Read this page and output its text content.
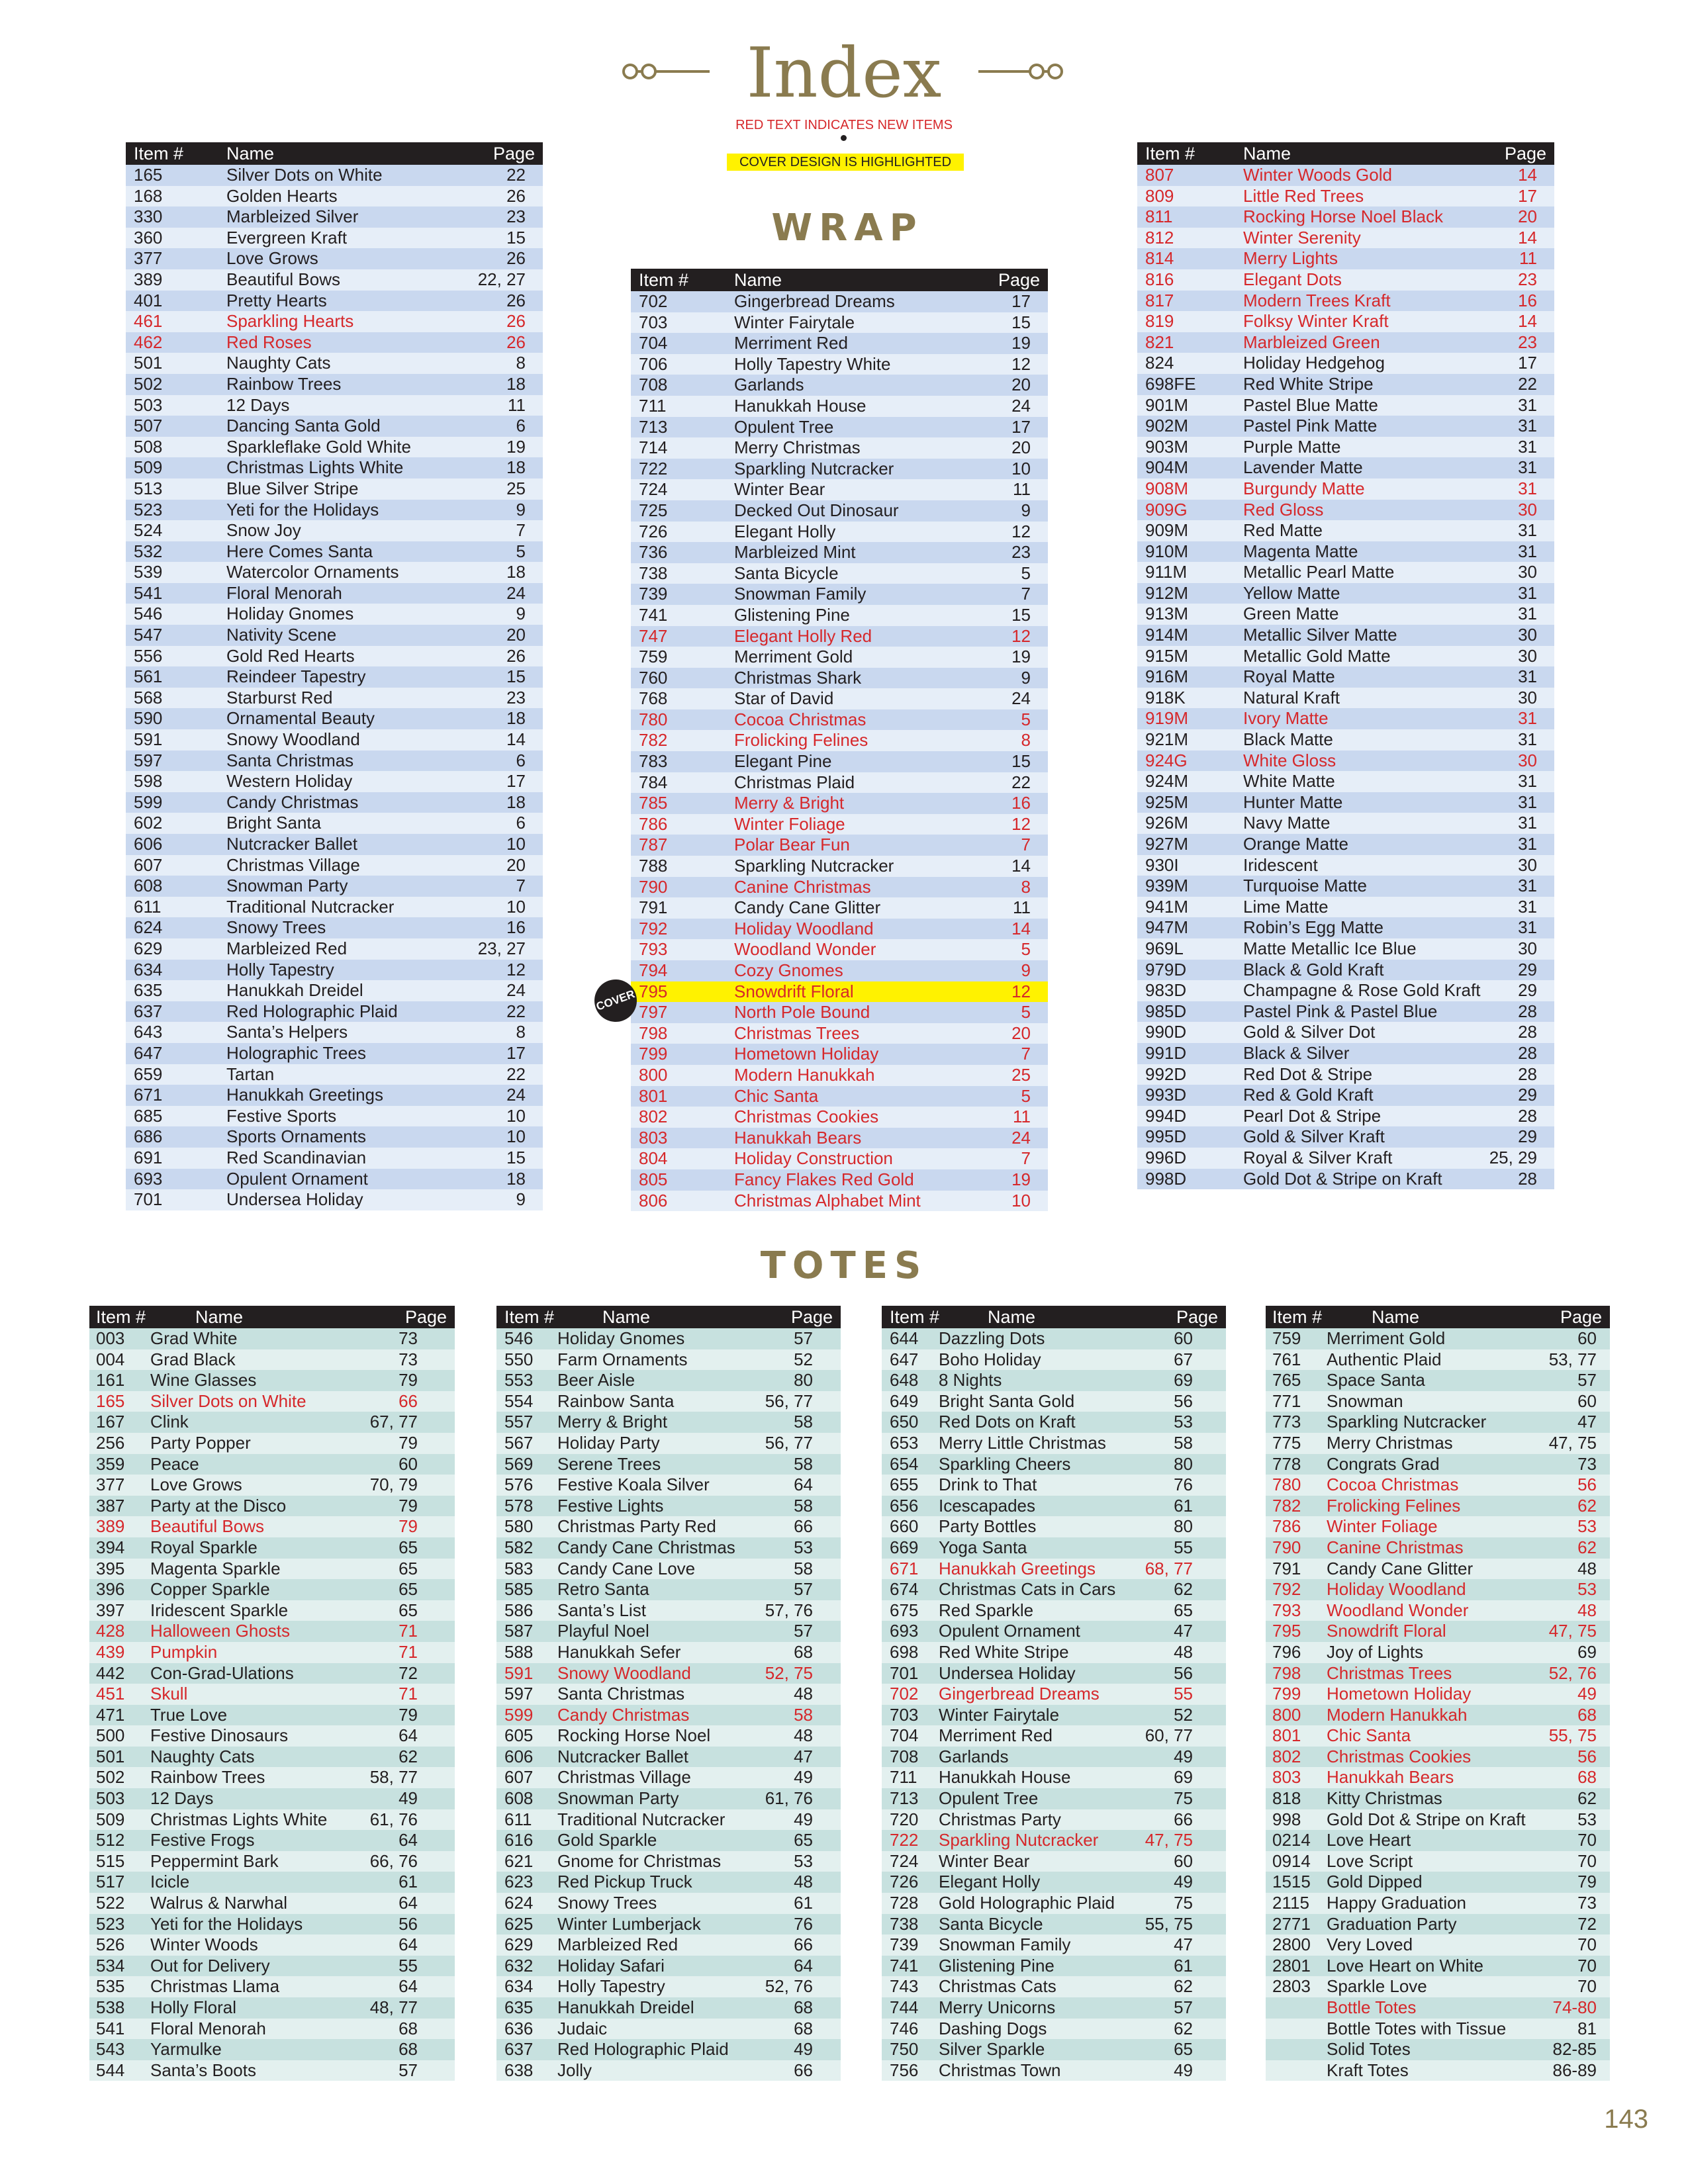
Index
RED TEXT INDICATES NEW ITEMS
COVER DESIGN IS HIGHLIGHTED
WRAP
TOTES
Item # Name	Page
165	Silver Dots on White	22
168	Golden Hearts	26
330	Marbleized Silver	23
360	Evergreen Kraft	15
377	Love Grows	26
389	Beautiful Bows	22, 27
401	Pretty Hearts	26
461	Sparkling Hearts	26
462	Red Roses	26
501	Naughty Cats	8
502	Rainbow Trees	18
503	12 Days	11
507	Dancing Santa Gold	6
508	Sparkleflake Gold White	19
509	Christmas Lights White	18
513	Blue Silver Stripe	25
523	Yeti for the Holidays	9
524	Snow Joy	7
532	Here Comes Santa	5
539	Watercolor Ornaments	18
541	Floral Menorah	24
546	Holiday Gnomes	9
547	Nativity Scene	20
556	Gold Red Hearts	26
561	Reindeer Tapestry	15
568	Starburst Red	23
590	Ornamental Beauty	18
591	Snowy Woodland	14
597	Santa Christmas	6
598	Western Holiday	17
599	Candy Christmas	18
602	Bright Santa	6
606	Nutcracker Ballet	10
607	Christmas Village	20
608	Snowman Party	7
611	Traditional Nutcracker	10
624	Snowy Trees	16
629	Marbleized Red	23, 27
634	Holly Tapestry	12
635	Hanukkah Dreidel	24
637	Red Holographic Plaid	22
643	Santa’s Helpers	8
647	Holographic Trees	17
659	Tartan	22
671	Hanukkah Greetings	24
685	Festive Sports	10
686	Sports Ornaments	10
691	Red Scandinavian	15
693	Opulent Ornament	18
701	Undersea Holiday	9
Item #	Name	Page
702	Gingerbread Dreams	17
703	Winter Fairytale	15
704	Merriment Red	19
706	Holly Tapestry White	12
708	Garlands	20
711	Hanukkah House	24
713	Opulent Tree	17
714	Merry Christmas	20
722	Sparkling Nutcracker	10
724	Winter Bear	11
725	Decked Out Dinosaur	9
726	Elegant Holly	12
736	Marbleized Mint	23
738	Santa Bicycle	5
739	Snowman Family	7
741	Glistening Pine	15
747	Elegant Holly Red	12
759	Merriment Gold	19
760	Christmas Shark	9
768	Star of David	24
780	Cocoa Christmas	5
782	Frolicking Felines	8
783	Elegant Pine	15
784	Christmas Plaid	22
785	Merry & Bright	16
786	Winter Foliage	12
787	Polar Bear Fun	7
788	Sparkling Nutcracker	14
790	Canine Christmas	8
791	Candy Cane Glitter	11
792	Holiday Woodland	14
793	Woodland Wonder	5
794	Cozy Gnomes	9
795	Snowdrift Floral	12
797	North Pole Bound	5
798	Christmas Trees	20
799	Hometown Holiday	7
800	Modern Hanukkah	25
801	Chic Santa	5
802	Christmas Cookies	11
803	Hanukkah Bears	24
804	Holiday Construction	7
805	Fancy Flakes Red Gold	19
806	Christmas Alphabet Mint	10
Item #	Name	Page
807	Winter Woods Gold	14
809	Little Red Trees	17
811	Rocking Horse Noel Black	20
812	Winter Serenity	14
814	Merry Lights	11
816	Elegant Dots	23
817	Modern Trees Kraft	16
819	Folksy Winter Kraft	14
821	Marbleized Green	23
824	Holiday Hedgehog	17
698FE	Red White Stripe	22
901M	Pastel Blue Matte	31
902M	Pastel Pink Matte	31
903M	Purple Matte	31
904M	Lavender Matte	31
908M	Burgundy Matte	31
909G	Red Gloss	30
909M	Red Matte	31
910M	Magenta Matte	31
911M	Metallic Pearl Matte	30
912M	Yellow Matte	31
913M	Green Matte	31
914M	Metallic Silver Matte	30
915M	Metallic Gold Matte	30
916M	Royal Matte	31
918K	Natural Kraft	30
919M	Ivory Matte	31
921M	Black Matte	31
924G	White Gloss	30
924M	White Matte	31
925M	Hunter Matte	31
926M	Navy Matte	31
927M	Orange Matte	31
930I	Iridescent	30
939M	Turquoise Matte	31
941M	Lime Matte	31
947M	Robin’s Egg Matte	31
969L	Matte Metallic Ice Blue	30
979D	Black & Gold Kraft	29
983D	Champagne & Rose Gold Kraft 29
985D	Pastel Pink & Pastel Blue	28
990D	Gold & Silver Dot	28
991D	Black & Silver	28
992D	Red Dot & Stripe	28
993D	Red & Gold Kraft	29
994D	Pearl Dot & Stripe	28
995D	Gold & Silver Kraft	29
996D	Royal & Silver Kraft	25, 29
998D	Gold Dot & Stripe on Kraft	28
Item #	Name	Page
003 Grad White	73
004 Grad Black	73
161 Wine Glasses	79
165 Silver Dots on White	66
167 Clink	67, 77
256 Party Popper	79
359 Peace	60
377 Love Grows	70, 79
387 Party at the Disco	79
389 Beautiful Bows	79
394 Royal Sparkle	65
395 Magenta Sparkle	65
396 Copper Sparkle	65
397 Iridescent Sparkle	65
428 Halloween Ghosts	71
439 Pumpkin	71
442 Con-Grad-Ulations	72
451 Skull	71
471 True Love	79
500 Festive Dinosaurs	64
501 Naughty Cats	62
502 Rainbow Trees	58, 77
503 12 Days	49
509 Christmas Lights White 61, 76
512 Festive Frogs	64
515 Peppermint Bark	66, 76
517 Icicle	61
522 Walrus & Narwhal	64
523 Yeti for the Holidays	56
526 Winter Woods	64
534 Out for Delivery	55
535 Christmas Llama	64
538 Holly Floral	48, 77
541 Floral Menorah	68
543 Yarmulke	68
544 Santa’s Boots	57
Item #	Name	Page
546 Holiday Gnomes	57
550 Farm Ornaments	52
553 Beer Aisle	80
554 Rainbow Santa	56, 77
557 Merry & Bright	58
567 Holiday Party	56, 77
569 Serene Trees	58
576 Festive Koala Silver	64
578 Festive Lights	58
580 Christmas Party Red	66
582 Candy Cane Christmas	53
583 Candy Cane Love	58
585 Retro Santa	57
586 Santa’s List	57, 76
587 Playful Noel	57
588 Hanukkah Sefer	68
591 Snowy Woodland	52, 75
597 Santa Christmas	48
599 Candy Christmas	58
605 Rocking Horse Noel	48
606 Nutcracker Ballet	47
607 Christmas Village	49
608 Snowman Party	61, 76
611 Traditional Nutcracker	49
616 Gold Sparkle	65
621 Gnome for Christmas	53
623 Red Pickup Truck	48
624 Snowy Trees	61
625 Winter Lumberjack	76
629 Marbleized Red	66
632 Holiday Safari	64
634 Holly Tapestry	52, 76
635 Hanukkah Dreidel	68
636 Judaic	68
637 Red Holographic Plaid	49
638 Jolly	66
Item #	Name	Page
644 Dazzling Dots	60
647 Boho Holiday	67
648 8 Nights	69
649 Bright Santa Gold	56
650 Red Dots on Kraft	53
653 Merry Little Christmas	58
654 Sparkling Cheers	80
655 Drink to That	76
656 Icescapades	61
660 Party Bottles	80
669 Yoga Santa	55
671 Hanukkah Greetings	68, 77
674 Christmas Cats in Cars	62
675 Red Sparkle	65
693 Opulent Ornament	47
698 Red White Stripe	48
701 Undersea Holiday	56
702 Gingerbread Dreams	55
703 Winter Fairytale	52
704 Merriment Red	60, 77
708 Garlands	49
711 Hanukkah House	69
713 Opulent Tree	75
720 Christmas Party	66
722 Sparkling Nutcracker	47, 75
724 Winter Bear	60
726 Elegant Holly	49
728 Gold Holographic Plaid	75
738 Santa Bicycle	55, 75
739 Snowman Family	47
741 Glistening Pine	61
743 Christmas Cats	62
744 Merry Unicorns	57
746 Dashing Dogs	62
750 Silver Sparkle	65
756 Christmas Town	49
Item #	Name	Page
759 Merriment Gold	60
761 Authentic Plaid	53, 77
765 Space Santa	57
771 Snowman	60
773 Sparkling Nutcracker	47
775 Merry Christmas	47, 75
778 Congrats Grad	73
780 Cocoa Christmas	56
782 Frolicking Felines	62
786 Winter Foliage	53
790 Canine Christmas	62
791 Candy Cane Glitter	48
792 Holiday Woodland	53
793 Woodland Wonder	48
795 Snowdrift Floral	47, 75
796 Joy of Lights	69
798 Christmas Trees	52, 76
799 Hometown Holiday	49
800 Modern Hanukkah	68
801 Chic Santa	55, 75
802 Christmas Cookies	56
803 Hanukkah Bears	68
818 Kitty Christmas	62
998 Gold Dot & Stripe on Kraft	53
0214 Love Heart	70
0914 Love Script	70
1515 Gold Dipped	79
2115 Happy Graduation	73
2771 Graduation Party	72
2800 Very Loved	70
2801 Love Heart on White	70
2803 Sparkle Love	70
Bottle Totes	74-80
Bottle Totes with Tissue	81
Solid Totes	82-85
Kraft Totes	86-89
COVER
143
